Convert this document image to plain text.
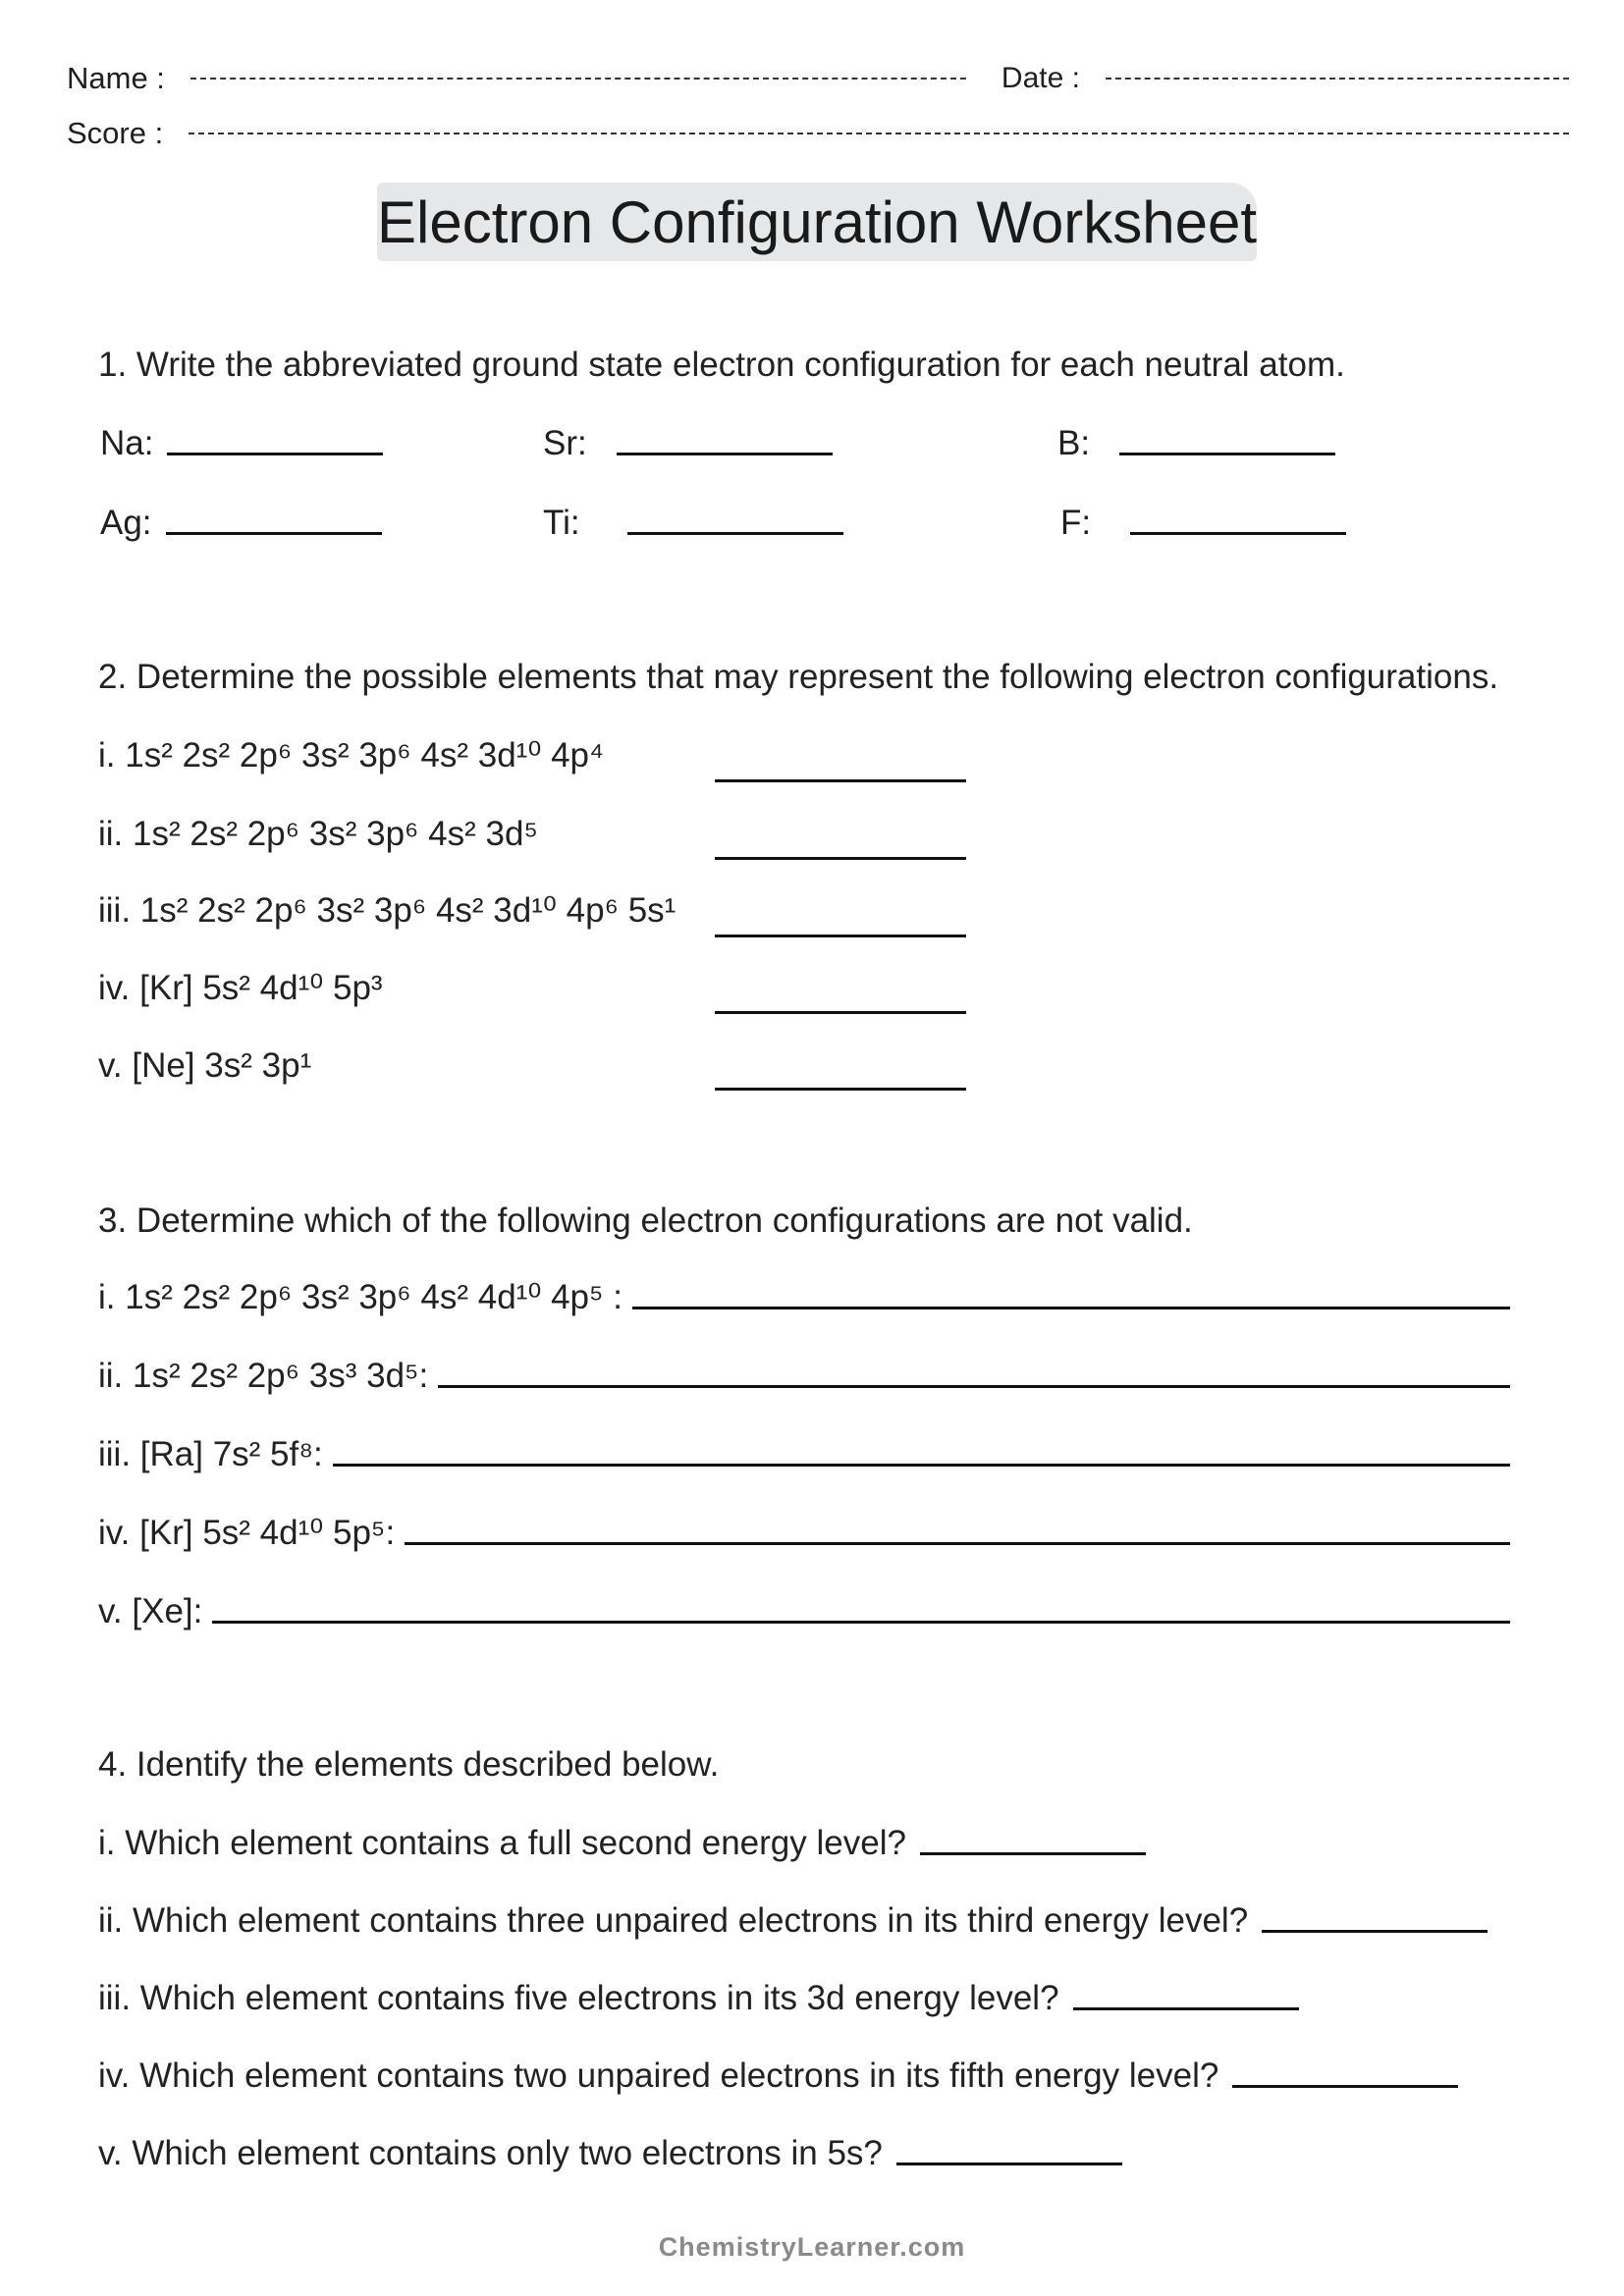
Name :	Date :
Score :
Electron Configuration Worksheet
1. Write the abbreviated ground state electron configuration for each neutral atom.
Na:	Sr:	B:
Ag:	Ti:	F:
2. Determine the possible elements that may represent the following electron configurations.
i. 1s² 2s² 2p⁶ 3s² 3p⁶ 4s² 3d¹⁰ 4p⁴
ii. 1s² 2s² 2p⁶ 3s² 3p⁶ 4s² 3d⁵
iii. 1s² 2s² 2p⁶ 3s² 3p⁶ 4s² 3d¹⁰ 4p⁶ 5s¹
iv. [Kr] 5s² 4d¹⁰ 5p³
v. [Ne] 3s² 3p¹
3. Determine which of the following electron configurations are not valid.
i.
1s² 2s² 2p⁶ 3s² 3p⁶ 4s² 4d¹⁰ 4p⁵ :
ii.
1s² 2s² 2p⁶ 3s³ 3d⁵:
iii.
[Ra] 7s² 5f⁸:
iv.
[Kr] 5s² 4d¹⁰ 5p⁵:
v.
[Xe]:
4. Identify the elements described below.
i. Which element contains a full second energy level?
ii. Which element contains three unpaired electrons in its third energy level?
iii. Which element contains five electrons in its 3d energy level?
iv. Which element contains two unpaired electrons in its fifth energy level?
v. Which element contains only two electrons in 5s?
ChemistryLearner.com
